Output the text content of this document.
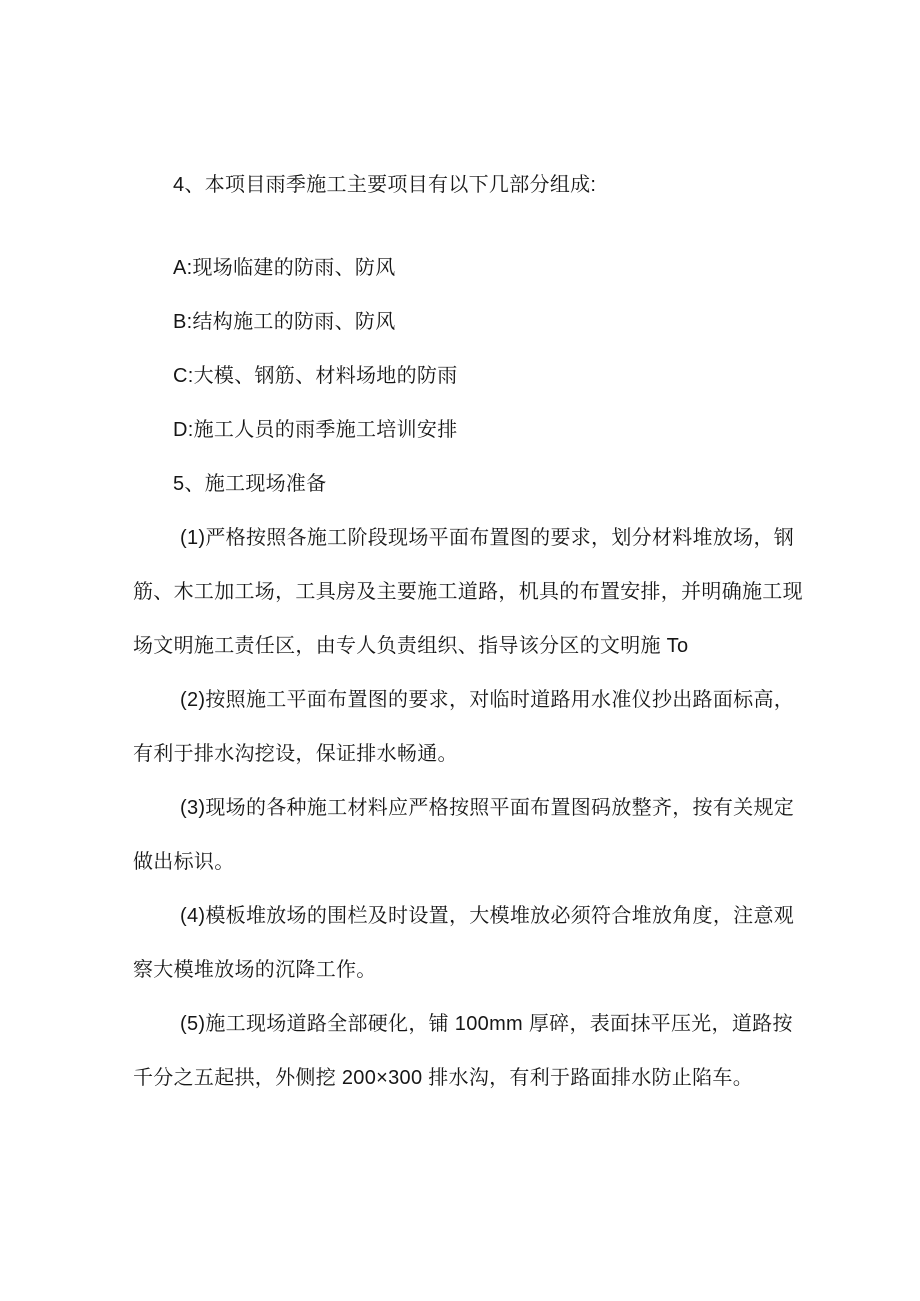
4、本项目雨季施工主要项目有以下几部分组成:
A:现场临建的防雨、防风
B:结构施工的防雨、防风
C:大模、钢筋、材料场地的防雨
D:施工人员的雨季施工培训安排
5、施工现场准备
(1)严格按照各施工阶段现场平面布置图的要求，划分材料堆放场，钢
筋、木工加工场，工具房及主要施工道路，机具的布置安排，并明确施工现
场文明施工责任区，由专人负责组织、指导该分区的文明施 To
(2)按照施工平面布置图的要求，对临时道路用水准仪抄出路面标高，
有利于排水沟挖设，保证排水畅通。
(3)现场的各种施工材料应严格按照平面布置图码放整齐，按有关规定
做出标识。
(4)模板堆放场的围栏及时设置，大模堆放必须符合堆放角度，注意观
察大模堆放场的沉降工作。
(5)施工现场道路全部硬化，铺 100mm 厚碎，表面抹平压光，道路按
千分之五起拱，外侧挖 200×300 排水沟，有利于路面排水防止陷车。
